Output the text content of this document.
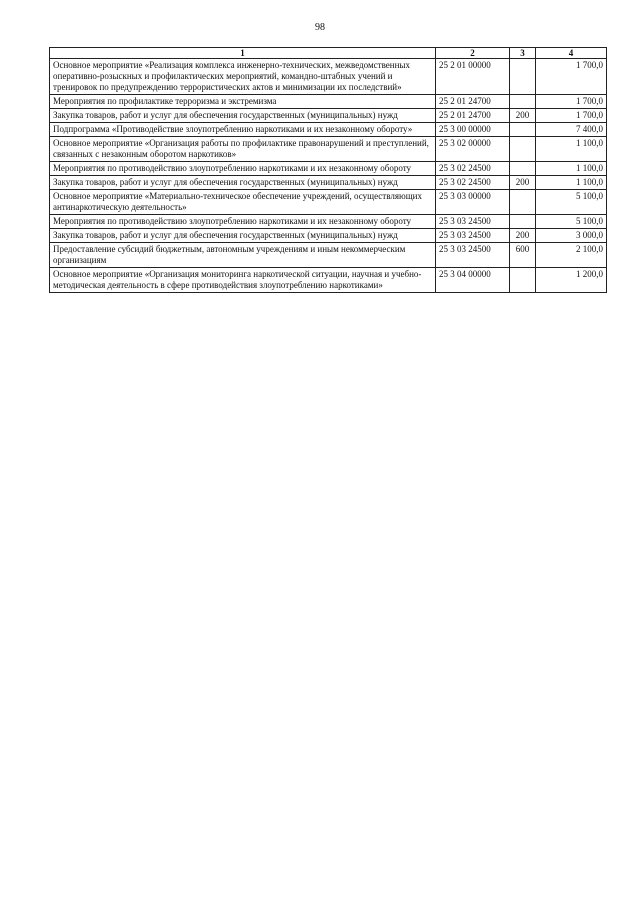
98
1	2	3	4
Основное мероприятие «Реализация комплекса инженерно-технических, межведомственных оперативно-розыскных и профилактических мероприятий, командно-штабных учений и тренировок по предупреждению террористических актов и минимизации их последствий»	25 2 01 00000		1 700,0
Мероприятия по профилактике терроризма и экстремизма	25 2 01 24700		1 700,0
Закупка товаров, работ и услуг для обеспечения государственных (муниципальных) нужд	25 2 01 24700	200	1 700,0
Подпрограмма «Противодействие злоупотреблению наркотиками и их незаконному обороту»	25 3 00 00000		7 400,0
Основное мероприятие «Организация работы по профилактике правонарушений и преступлений, связанных с незаконным оборотом наркотиков»	25 3 02 00000		1 100,0
Мероприятия по противодействию злоупотреблению наркотиками и их незаконному обороту	25 3 02 24500		1 100,0
Закупка товаров, работ и услуг для обеспечения государственных (муниципальных) нужд	25 3 02 24500	200	1 100,0
Основное мероприятие «Материально-техническое обеспечение учреждений, осуществляющих антинаркотическую деятельность»	25 3 03 00000		5 100,0
Мероприятия по противодействию злоупотреблению наркотиками и их незаконному обороту	25 3 03 24500		5 100,0
Закупка товаров, работ и услуг для обеспечения государственных (муниципальных) нужд	25 3 03 24500	200	3 000,0
Предоставление субсидий бюджетным, автономным учреждениям и иным некоммерческим организациям	25 3 03 24500	600	2 100,0
Основное мероприятие «Организация мониторинга наркотической ситуации, научная и учебно-методическая деятельность в сфере противодействия злоупотреблению наркотиками»	25 3 04 00000		1 200,0
